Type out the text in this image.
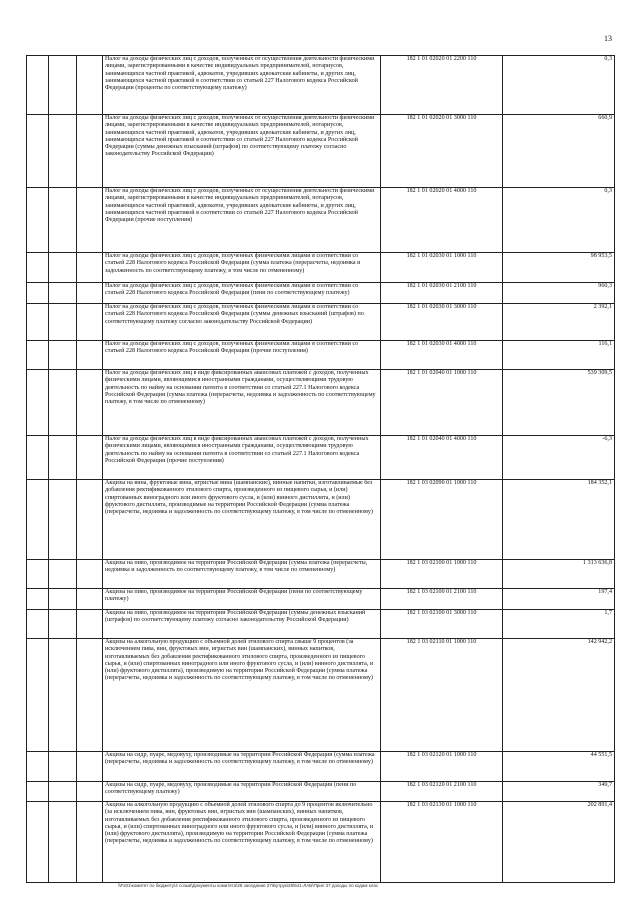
13
			Налог на доходы физических лиц с доходов, полученных от осуществления деятельности физическими лицами, зарегистрированными в качестве индивидуальных предпринимателей, нотариусов, занимающихся частной практикой, адвокатов, учредивших адвокатские кабинеты, и других лиц, занимающихся частной практикой в соответствии со статьей 227 Налогового кодекса Российской Федерации (проценты по соответствующему платежу)	182 1 01 02020 01 2200 110	0,3
			Налог на доходы физических лиц с доходов, полученных от осуществления деятельности физическими лицами, зарегистрированными в качестве индивидуальных предпринимателей, нотариусов, занимающихся частной практикой, адвокатов, учредивших адвокатские кабинеты, и других лиц, занимающихся частной практикой в соответствии со статьей 227 Налогового кодекса Российской Федерации (суммы денежных взысканий (штрафов) по соответствующему платежу согласно законодательству Российской Федерации)	182 1 01 02020 01 3000 110	660,9
			Налог на доходы физических лиц с доходов, полученных от осуществления деятельности физическими лицами, зарегистрированными в качестве индивидуальных предпринимателей, нотариусов, занимающихся частной практикой, адвокатов, учредивших адвокатские кабинеты, и других лиц, занимающихся частной практикой в соответствии со статьей 227 Налогового кодекса Российской Федерации (прочие поступления)	182 1 01 02020 01 4000 110	0,3
			Налог на доходы физических лиц с доходов, полученных физическими лицами в соответствии со статьей 228 Налогового кодекса Российской Федерации (сумма платежа (перерасчеты, недоимка и задолженность по соответствующему платежу, в том числе по отмененному)	182 1 01 02030 01 1000 110	98 953,5
			Налог на доходы физических лиц с доходов, полученных физическими лицами в соответствии со статьей 228 Налогового кодекса Российской Федерации (пени по соответствующему платежу)	182 1 01 02030 01 2100 110	960,3
			Налог на доходы физических лиц с доходов, полученных физическими лицами в соответствии со статьей 228 Налогового кодекса Российской Федерации (суммы денежных взысканий (штрафов) по соответствующему платежу согласно законодательству Российской Федерации)	182 1 01 02030 01 3000 110	2 392,1
			Налог на доходы физических лиц с доходов, полученных физическими лицами в соответствии со статьей 228 Налогового кодекса Российской Федерации (прочие поступления)	182 1 01 02030 01 4000 110	116,1
			Налог на доходы физических лиц в виде фиксированных авансовых платежей с доходов, полученных физическими лицами, являющимися иностранными гражданами, осуществляющими трудовую деятельность по найму на основании патента в соответствии со статьей 227.1 Налогового кодекса Российской Федерации (сумма платежа (перерасчеты, недоимка и задолженность по соответствующему платежу, в том числе по отмененному)	182 1 01 02040 01 1000 110	539 309,5
			Налог на доходы физических лиц в виде фиксированных авансовых платежей с доходов, полученных физическими лицами, являющимися иностранными гражданами, осуществляющими трудовую деятельность по найму на основании патента в соответствии со статьей 227.1 Налогового кодекса Российской Федерации (прочие поступления)	182 1 01 02040 01 4000 110	-6,3
			Акцизы на вина, фруктовые вина, игристые вина (шампанские), винные напитки, изготавливаемые без добавления ректификованного этилового спирта, произведенного из пищевого сырья, и (или) спиртованных виноградного или иного фруктового сусла, и (или) винного дистиллята, и (или) фруктового дистиллята, производимые на территории Российской Федерации (сумма платежа (перерасчеты, недоимка и задолженность по соответствующему платежу, в том числе по отмененному)	182 1 03 02090 01 1000 110	184 352,1
			Акцизы на пиво, производимое на территории Российской Федерации (сумма платежа (перерасчеты, недоимка и задолженность по соответствующему платежу, в том числе по отмененному)	182 1 03 02100 01 1000 110	1 313 636,8
			Акцизы на пиво, производимое на территории Российской Федерации (пени по соответствующему платежу)	182 1 03 02100 01 2100 110	197,4
			Акцизы на пиво, производимое на территории Российской Федерации (суммы денежных взысканий (штрафов) по соответствующему платежу согласно законодательству Российской Федерации)	182 1 03 02100 01 3000 110	1,7
			Акцизы на алкогольную продукцию с объемной долей этилового спирта свыше 9 процентов (за исключением пива, вин, фруктовых вин, игристых вин (шампанских), винных напитков, изготавливаемых без добавления ректификованного этилового спирта, произведенного из пищевого сырья, и (или) спиртованных виноградного или иного фруктового сусла, и (или) винного дистиллята, и (или) фруктового дистиллята), производимую на территории Российской Федерации (сумма платежа (перерасчеты, недоимка и задолженность по соответствующему платежу, в том числе по отмененному)	182 1 03 02110 01 1000 110	142 942,2
			Акцизы на сидр, пуаре, медовуху, производимые на территории Российской Федерации (сумма платежа (перерасчеты, недоимка и задолженность по соответствующему платежу, в том числе по отмененному)	182 1 03 02120 01 1000 110	44 551,5
			Акцизы на сидр, пуаре, медовуху, производимые на территории Российской Федерации (пени по соответствующему платежу)	182 1 03 02120 01 2100 110	349,7
			Акцизы на алкогольную продукцию с объемной долей этилового спирта до 9 процентов включительно (за исключением пива, вин, фруктовых вин, игристых вин (шампанских), винных напитков, изготавливаемых без добавления ректификованного этилового спирта, произведенного из пищевого сырья, и (или) спиртованных виноградного или иного фруктового сусла, и (или) винного дистиллята, и (или) фруктового дистиллята), производимую на территории Российской Федерации (сумма платежа (перерасчеты, недоимка и задолженность по соответствующему платежу, в том числе по отмененному)	182 1 03 02130 01 1000 110	202 891,4
\\Fs01\комитет по бюджету\4 созыв\Документы комитета\28 заседание 27\Бутрук\28\541-ЛАБ\Прил 37 доходы по кодам клас
